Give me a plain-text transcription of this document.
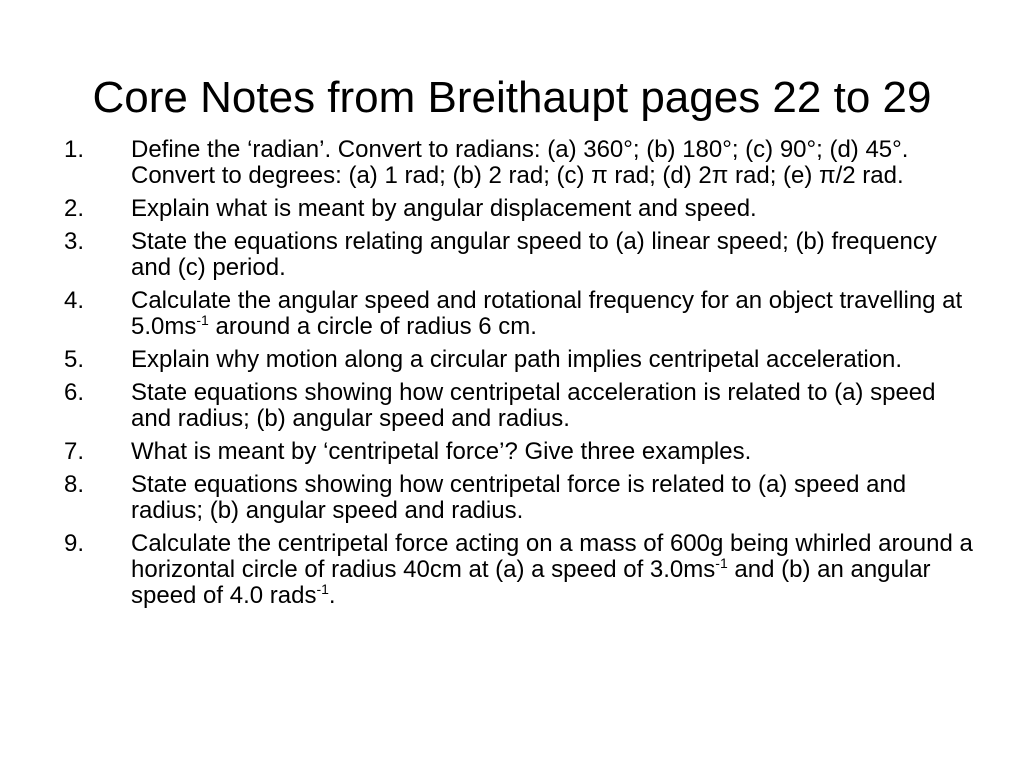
Core Notes from Breithaupt pages 22 to 29
1.	Define the ‘radian’. Convert to radians: (a) 360°; (b) 180°; (c) 90°; (d) 45°. Convert to degrees: (a) 1 rad; (b) 2 rad; (c) π rad; (d) 2π rad; (e) π/2 rad.
2.	Explain what is meant by angular displacement and speed.
3.	State the equations relating angular speed to (a) linear speed; (b) frequency and (c) period.
4.	Calculate the angular speed and rotational frequency for an object travelling at $5.0ms^{-1}$ around a circle of radius 6 cm.
5.	Explain why motion along a circular path implies centripetal acceleration.
6.	State equations showing how centripetal acceleration is related to (a) speed and radius; (b) angular speed and radius.
7.	What is meant by ‘centripetal force’? Give three examples.
8.	State equations showing how centripetal force is related to (a) speed and radius; (b) angular speed and radius.
9.	Calculate the centripetal force acting on a mass of 600g being whirled around a horizontal circle of radius 40cm at (a) a speed of $3.0ms^{-1}$ and (b) an angular speed of 4.0 rads$^{-1}$.
